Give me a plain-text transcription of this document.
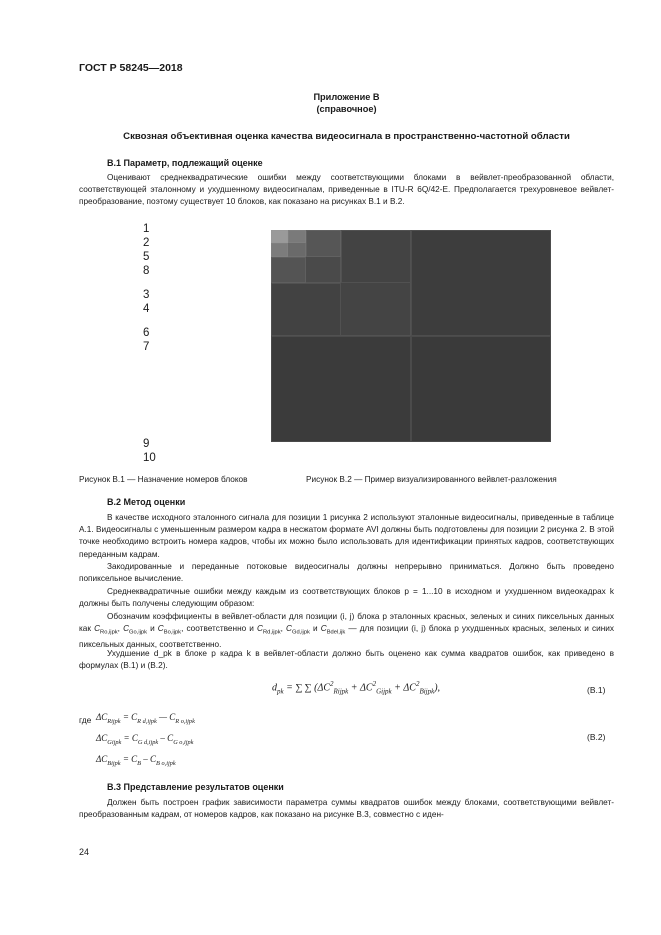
ГОСТ Р 58245—2018
Приложение В
(справочное)
Сквозная объективная оценка качества видеосигнала в пространственно-частотной области
В.1 Параметр, подлежащий оценке
Оценивают среднеквадратические ошибки между соответствующими блоками в вейвлет-преобразованной области, соответствующей эталонному и ухудшенному видеосигналам, приведенные в ITU-R 6Q/42-E. Предполагается трехуровневое вейвлет-преобразование, поэтому существует 10 блоков, как показано на рисунках В.1 и В.2.
1
2
5
8
3
4
6
7
9
10
Рисунок В.1 — Назначение номеров блоков	Рисунок В.2 — Пример визуализированного вейвлет-разложения
В.2 Метод оценки
В качестве исходного эталонного сигнала для позиции 1 рисунка 2 используют эталонные видеосигналы, приведенные в таблице А.1. Видеосигналы с уменьшенным размером кадра в несжатом формате AVI должны быть подготовлены для позиции 2 рисунка 2. В этой точке необходимо встроить номера кадров, чтобы их можно было использовать для идентификации принятых кадров, соответствующих переданным кадрам.
Закодированные и переданные потоковые видеосигналы должны непрерывно приниматься. Должно быть проведено попиксельное вычисление.
Среднеквадратичные ошибки между каждым из соответствующих блоков p = 1...10 в исходном и ухудшенном видеокадрах k должны быть получены следующим образом:
Обозначим коэффициенты в вейвлет-области для позиции (i, j) блока p эталонных красных, зеленых и синих пиксельных данных как $C_{Ro,ijpk}$, $C_{Go,ijpk}$ и $C_{Bo,ijpk}$, соответственно и $C_{Rd,ijpk}$, $C_{Gd,ijpk}$ и $C_{Bdel,ijk}$ — для позиции (i, j) блока p ухудшенных красных, зеленых и синих пиксельных данных, соответственно.
Ухудшение d_pk в блоке p кадра k в вейвлет-области должно быть оценено как сумма квадратов ошибок, как приведено в формулах (В.1) и (В.2).
$d_{pk}$ = ∑ ∑ $(\Delta C^2_{Rijpk} + \Delta C^2_{Gijpk} + \Delta C^2_{Bijpk})$,	(В.1)
где $\Delta C_{Rijpk} = C_{R d,ijpk}$ — $C_{R o,ijpk}$
$\Delta C_{Gijpk} = C_{G d,ijpk} - C_{G o,ijpk}$
$\Delta C_{Bijpk} = C_B - C_{B o,ijpk}$
(В.2)
В.3 Представление результатов оценки
Должен быть построен график зависимости параметра суммы квадратов ошибок между блоками, соответствующими вейвлет-преобразованным кадрам, от номеров кадров, как показано на рисунке В.3, совместно с иден-
24
